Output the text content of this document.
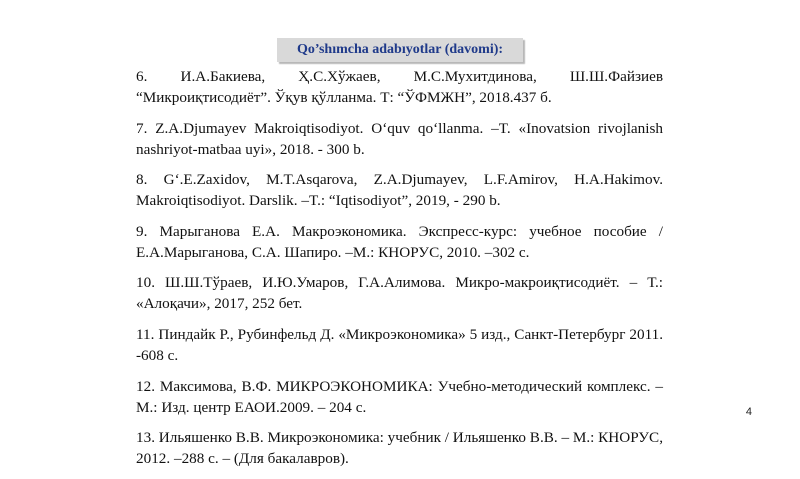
Qo’shımcha adabıyotlar (davomi):

6. И.А.Бакиева, Ҳ.С.Хўжаев, М.С.Мухитдинова, Ш.Ш.Файзиев “Микроиқтисодиёт”. Ўқув қўлланма. Т: “ЎФМЖН”, 2018.437 б.

7. Z.A.Djumayev Makroiqtisodiyot. O‘quv qo‘llanma. –T. «Inovatsion rivojlanish nashriyot-matbaa uyi», 2018. - 300 b.

8. G‘.E.Zaxidov, M.T.Asqarova, Z.A.Djumayev, L.F.Amirov, H.A.Hakimov. Makroiqtisodiyot. Darslik. –T.: “Iqtisodiyot”, 2019, - 290 b.

9. Марыганова Е.А. Макроэкономика. Экспресс-курс: учебное пособие / Е.А.Марыганова, С.А. Шапиро. –М.: КНОРУС, 2010. –302 с.

10. Ш.Ш.Тўраев, И.Ю.Умаров, Г.А.Алимова. Микро-макроиқтисодиёт. – Т.: «Алоқачи», 2017, 252 бет.

11. Пиндайк Р., Рубинфельд Д. «Микроэкономика» 5 изд., Санкт-Петербург 2011. -608 с.

12. Максимова, В.Ф. МИКРОЭКОНОМИКА: Учебно-методический комплекс. – М.: Изд. центр ЕАОИ.2009. – 204 с.

13. Ильяшенко В.В. Микроэкономика: учебник / Ильяшенко В.В. – М.: КНОРУС, 2012. –288 с. – (Для бакалавров).

4
